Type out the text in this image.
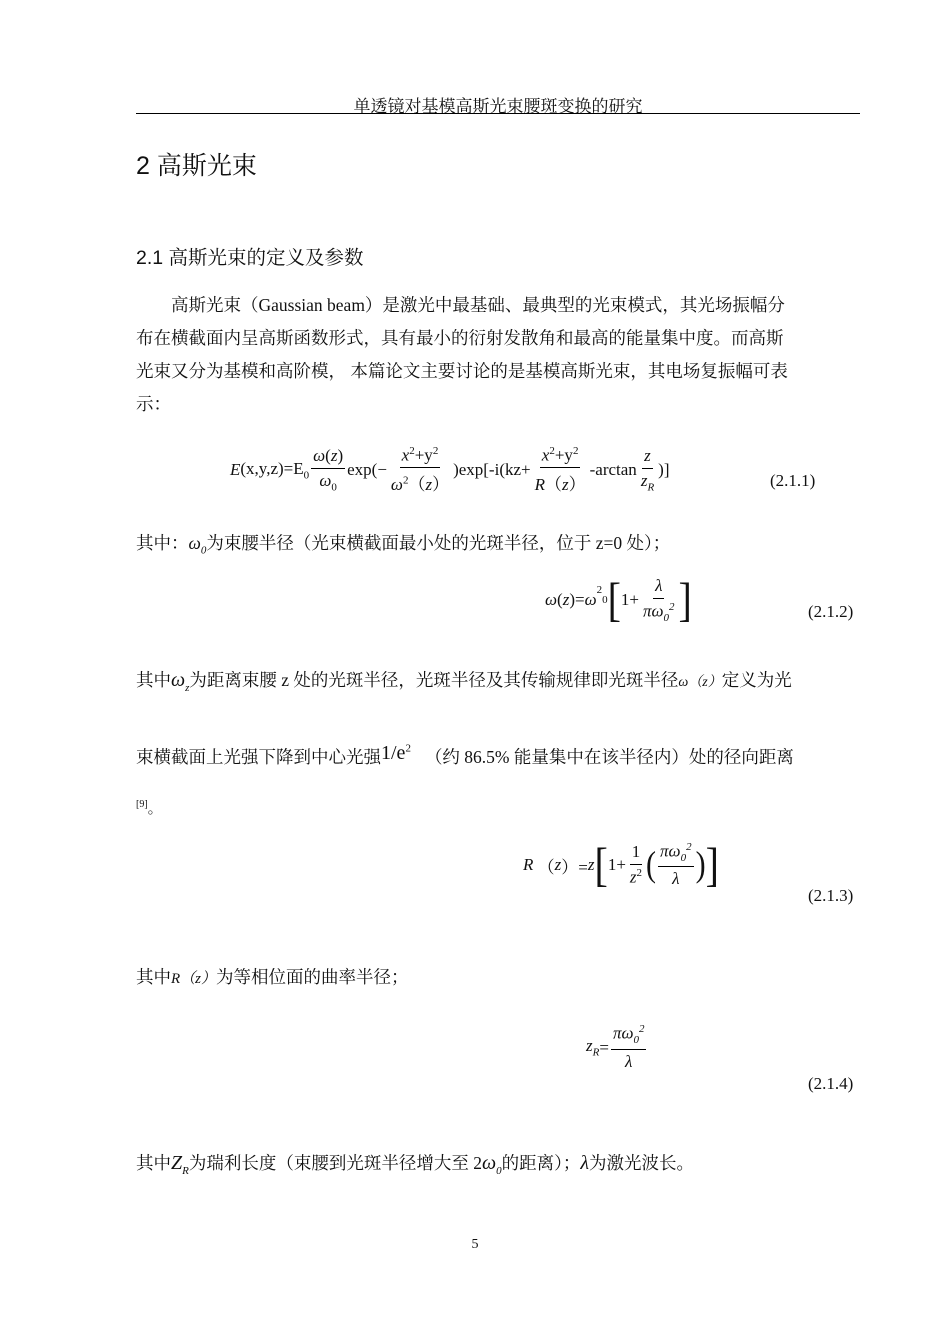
单透镜对基模高斯光束腰斑变换的研究
2 高斯光束
2.1 高斯光束的定义及参数

高斯光束（Gaussian beam）是激光中最基础、最典型的光束模式，其光场振幅分

布在横截面内呈高斯函数形式，具有最小的衍射发散角和最高的能量集中度。而高斯
光束又分为基模和高阶模， 本篇论文主要讨论的是基模高斯光束，其电场复振幅可表
示：
E $(x,y,z)=E_0 \frac{\omega(z)}{\omega_0} \exp(- \frac{x^2+y^2}{\omega^2(z)} )\exp[-i(kz+ \frac{x^2+y^2}{R(z)} -\arctan \frac{z}{z_R}$ )]
(2.1.1)
其中：$\omega_0$为束腰半径（光束横截面最小处的光斑半径，位于 z=0 处）；
ω ( z )= ω 20 [ $1+ \frac{\lambda}{\pi\omega_0^2}$ ]	(2.1.2)
其中$\omega_z$为距离束腰 z 处的光斑半径，光斑半径及其传输规律即光斑半径ω（z）定义为光
束横截面上光强下降到中心光强$1/e^2$ （约 86.5% 能量集中在该半径内）处的径向距离
[9]。
R （ z ）= z [ $1+ \frac{1}{z^2}$ ( $\frac{\pi\omega_0^2}{\lambda}$ ) ]
(2.1.3)
其中R（z）为等相位面的曲率半径；
$z_R = \frac{\pi\omega_0^2}{\lambda}$
(2.1.4)
其中$Z_R$为瑞利长度（束腰到光斑半径增大至 $2\omega_0$的距离）；λ为激光波长。
5
